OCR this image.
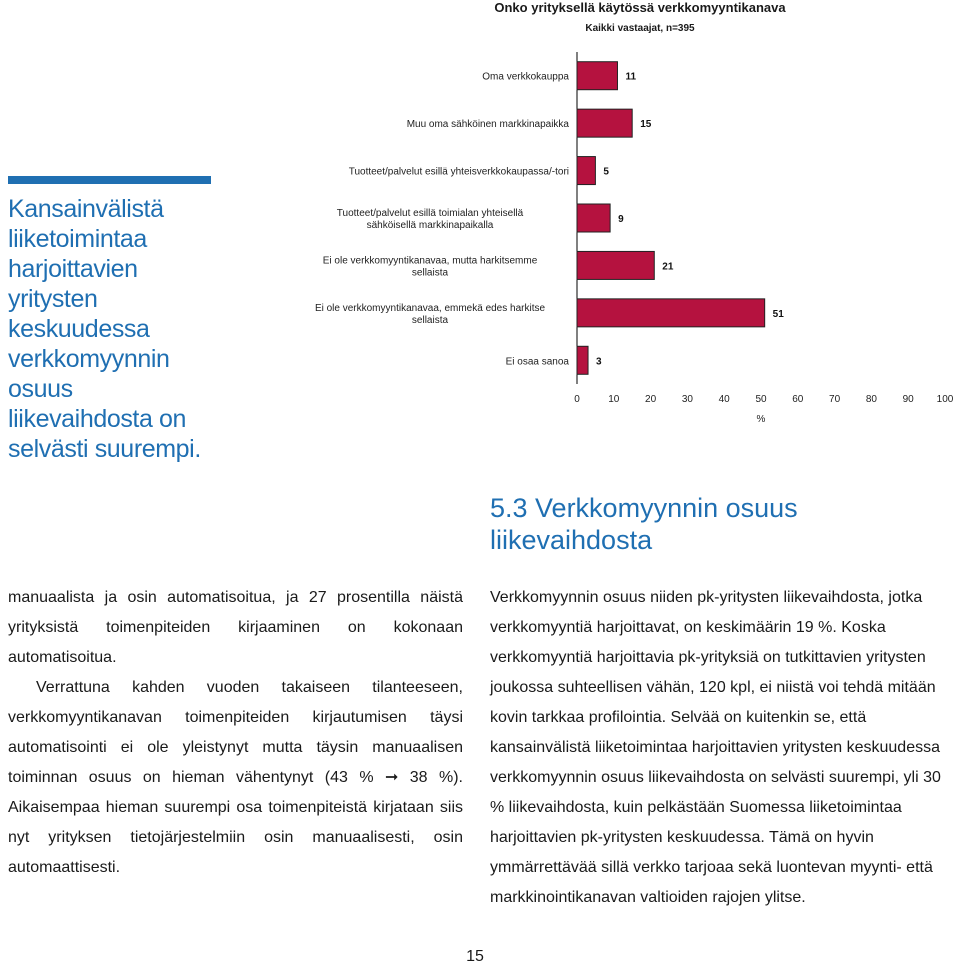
Onko yrityksellä käytössä verkkomyyntikanava
Kaikki vastaajat, n=395
11
Oma verkkokauppa
15
Muu oma sähköinen markkinapaikka
5
Tuotteet/palvelut esillä yhteisverkkokaupassa/-tori
9
Tuotteet/palvelut esillä toimialan yhteisellä sähköisellä markkinapaikalla
21
Ei ole verkkomyyntikanavaa, mutta harkitsemme sellaista
51
Ei ole verkkomyyntikanavaa, emmekä edes harkitse sellaista
3
Ei osaa sanoa
0	10	20	30	40	50	60	70	80	90 100
%
Kansainvälistä liiketoimintaa harjoittavien yritysten keskuudessa verkkomyynnin osuus liikevaihdosta on selvästi suurempi.
5.3 Verkkomyynnin osuus liikevaihdosta

manuaalista ja osin automatisoitua, ja 27 prosentilla näistä yrityksistä toimenpiteiden kirjaaminen on kokonaan automatisoitua.

Verrattuna kahden vuoden takaiseen tilanteeseen, verkkomyyntikanavan toimenpiteiden kirjautumisen täysi automatisointi ei ole yleistynyt mutta täysin manuaalisen toiminnan osuus on hieman vähentynyt (43 % ➞ 38 %). Aikaisempaa hieman suurempi osa toimenpiteistä kirjataan siis nyt yrityksen tietojärjestelmiin osin manuaalisesti, osin automaattisesti.

Verkkomyynnin osuus niiden pk-yritysten liikevaihdosta, jotka verkkomyyntiä harjoittavat, on keskimäärin 19 %. Koska verkkomyyntiä harjoittavia pk-yrityksiä on tutkittavien yritysten joukossa suhteellisen vähän, 120 kpl, ei niistä voi tehdä mitään kovin tarkkaa profilointia. Selvää on kuitenkin se, että kansainvälistä liiketoimintaa harjoittavien yritysten keskuudessa verkkomyynnin osuus liikevaihdosta on selvästi suurempi, yli 30 % liikevaihdosta, kuin pelkästään Suomessa liiketoimintaa harjoittavien pk-yritysten keskuudessa. Tämä on hyvin ymmärrettävää sillä verkko tarjoaa sekä luontevan myynti- että markkinointikanavan valtioiden rajojen ylitse.

15
